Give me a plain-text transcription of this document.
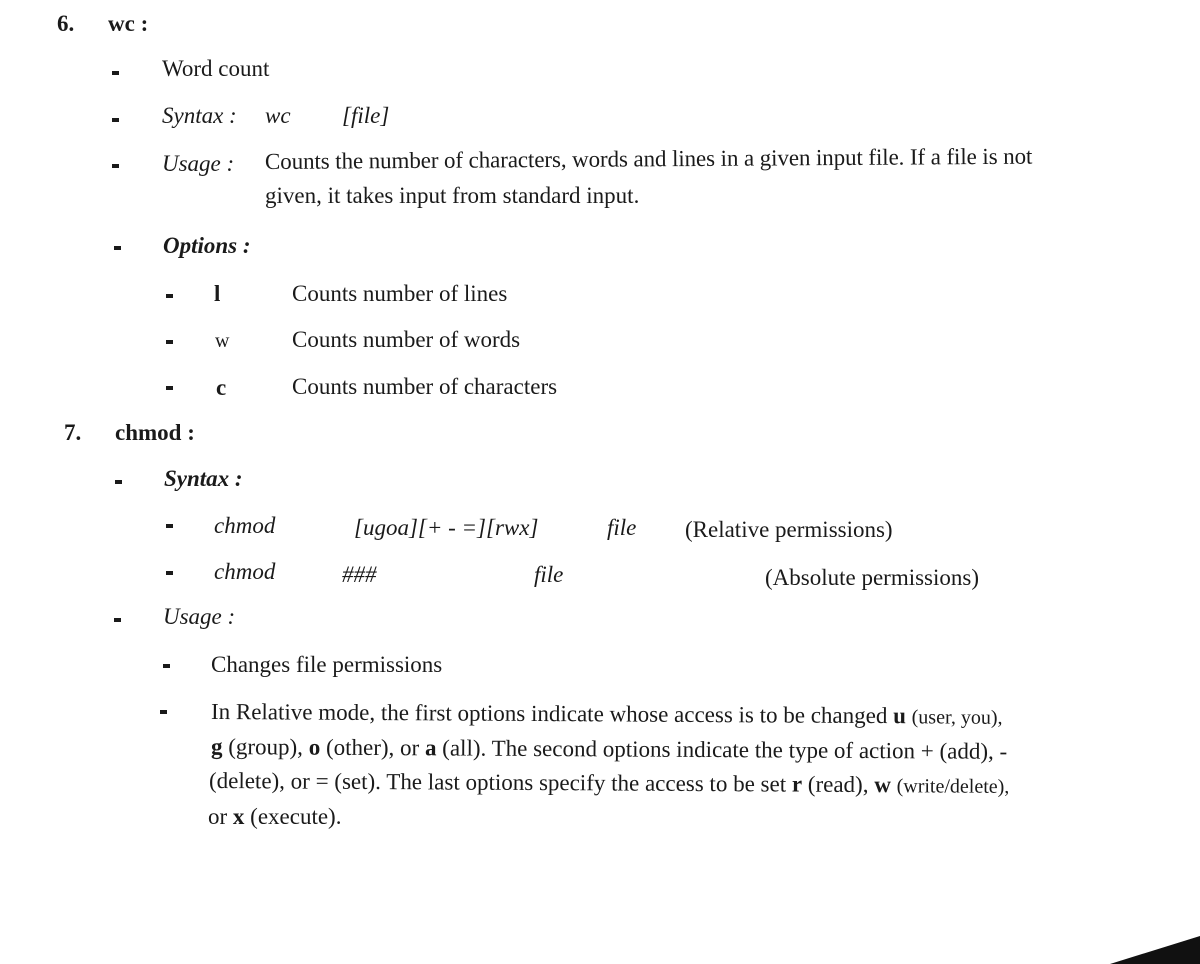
6. wc :
Word count
Syntax : wc [file]
Usage : Counts the number of characters, words and lines in a given input file. If a file is not
given, it takes input from standard input.
Options :
l	Counts number of lines
w	Counts number of words
c	Counts number of characters
7. chmod :
Syntax :
chmod	[ugoa][+ - =][rwx]	file (Relative permissions)
chmod	###	file	(Absolute permissions)
Usage :
Changes file permissions
In Relative mode, the first options indicate whose access is to be changed u (user, you),
g (group), o (other), or a (all). The second options indicate the type of action + (add), -
(delete), or = (set). The last options specify the access to be set r (read), w (write/delete),
or x (execute).
